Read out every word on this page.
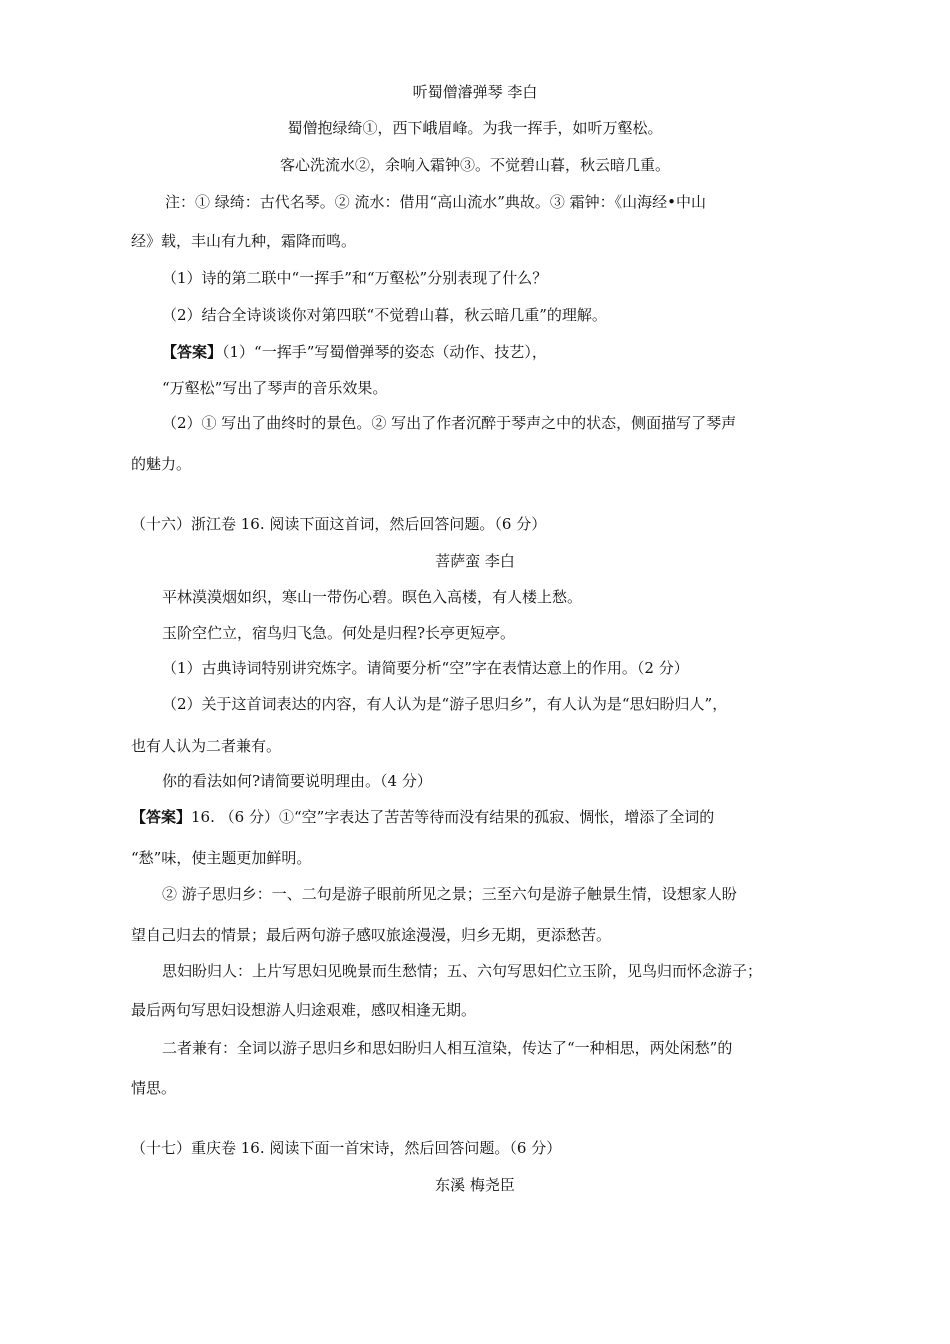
听蜀僧濬弹琴 李白
蜀僧抱绿绮①，西下峨眉峰。为我一挥手，如听万壑松。
客心洗流水②，余响入霜钟③。不觉碧山暮，秋云暗几重。
注：① 绿绮：古代名琴。② 流水：借用“高山流水”典故。③ 霜钟：《山海经•中山
经》载，丰山有九种，霜降而鸣。
（1）诗的第二联中“一挥手”和“万壑松”分别表现了什么？
（2）结合全诗谈谈你对第四联“不觉碧山暮，秋云暗几重”的理解。
【答案】（1）“一挥手”写蜀僧弹琴的姿态（动作、技艺），
“万壑松”写出了琴声的音乐效果。
（2）① 写出了曲终时的景色。② 写出了作者沉醉于琴声之中的状态，侧面描写了琴声
的魅力。
（十六）浙江卷 16. 阅读下面这首词，然后回答问题。（6 分）
菩萨蛮 李白
平林漠漠烟如织，寒山一带伤心碧。暝色入高楼，有人楼上愁。
玉阶空伫立，宿鸟归飞急。何处是归程?长亭更短亭。
（1）古典诗词特别讲究炼字。请简要分析“空”字在表情达意上的作用。（2 分）
（2）关于这首词表达的内容，有人认为是“游子思归乡”，有人认为是“思妇盼归人”，
也有人认为二者兼有。
你的看法如何?请简要说明理由。（4 分）
【答案】16. （6 分）①“空”字表达了苦苦等待而没有结果的孤寂、惆怅，增添了全词的
“愁”味，使主题更加鲜明。
② 游子思归乡：一、二句是游子眼前所见之景；三至六句是游子触景生情，设想家人盼
望自己归去的情景；最后两句游子感叹旅途漫漫，归乡无期，更添愁苦。
思妇盼归人：上片写思妇见晚景而生愁情；五、六句写思妇伫立玉阶，见鸟归而怀念游子；
最后两句写思妇设想游人归途艰难，感叹相逢无期。
二者兼有：全词以游子思归乡和思妇盼归人相互渲染，传达了“一种相思，两处闲愁”的
情思。
（十七）重庆卷 16. 阅读下面一首宋诗，然后回答问题。（6 分）
东溪 梅尧臣
